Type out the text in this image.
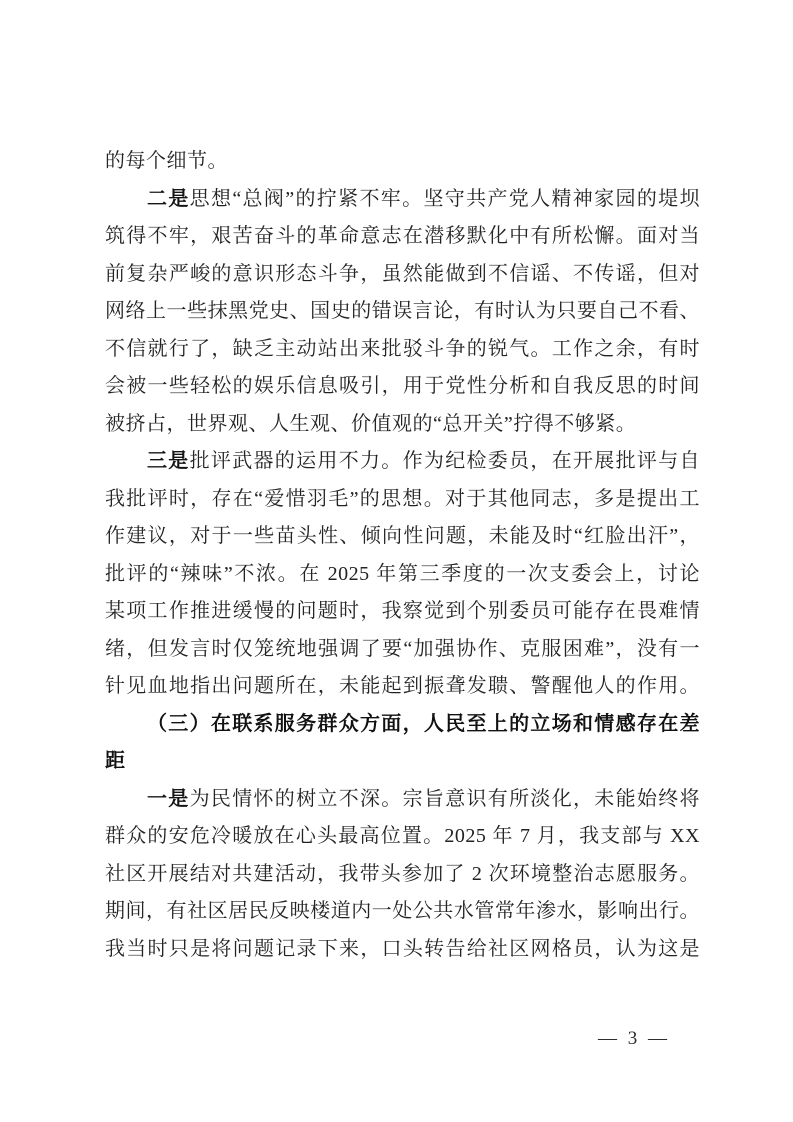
的每个细节。
二是思想“总阀”的拧紧不牢。坚守共产党人精神家园的堤坝
筑得不牢，艰苦奋斗的革命意志在潜移默化中有所松懈。面对当
前复杂严峻的意识形态斗争，虽然能做到不信谣、不传谣，但对
网络上一些抹黑党史、国史的错误言论，有时认为只要自己不看、
不信就行了，缺乏主动站出来批驳斗争的锐气。工作之余，有时
会被一些轻松的娱乐信息吸引，用于党性分析和自我反思的时间
被挤占，世界观、人生观、价值观的“总开关”拧得不够紧。
三是批评武器的运用不力。作为纪检委员，在开展批评与自
我批评时，存在“爱惜羽毛”的思想。对于其他同志，多是提出工
作建议，对于一些苗头性、倾向性问题，未能及时“红脸出汗”，
批评的“辣味”不浓。在 2025 年第三季度的一次支委会上，讨论
某项工作推进缓慢的问题时，我察觉到个别委员可能存在畏难情
绪，但发言时仅笼统地强调了要“加强协作、克服困难”，没有一
针见血地指出问题所在，未能起到振聋发聩、警醒他人的作用。
（三）在联系服务群众方面，人民至上的立场和情感存在差
距
一是为民情怀的树立不深。宗旨意识有所淡化，未能始终将
群众的安危冷暖放在心头最高位置。2025 年 7 月，我支部与 XX
社区开展结对共建活动，我带头参加了 2 次环境整治志愿服务。
期间，有社区居民反映楼道内一处公共水管常年渗水，影响出行。
我当时只是将问题记录下来，口头转告给社区网格员，认为这是
— 3 —
